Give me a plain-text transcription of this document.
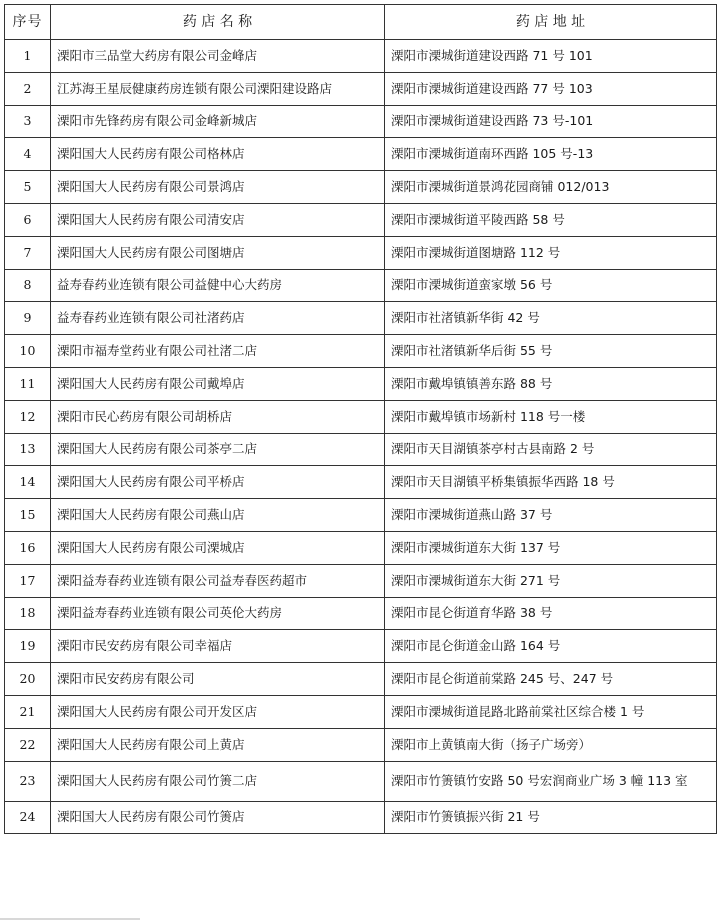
序号	药 店 名 称	药 店 地 址
1	溧阳市三品堂大药房有限公司金峰店	溧阳市溧城街道建设西路 71 号 101
2	江苏海王星辰健康药房连锁有限公司溧阳建设路店	溧阳市溧城街道建设西路 77 号 103
3	溧阳市先锋药房有限公司金峰新城店	溧阳市溧城街道建设西路 73 号-101
4	溧阳国大人民药房有限公司格林店	溧阳市溧城街道南环西路 105 号-13
5	溧阳国大人民药房有限公司景鸿店	溧阳市溧城街道景鸿花园商铺 012/013
6	溧阳国大人民药房有限公司清安店	溧阳市溧城街道平陵西路 58 号
7	溧阳国大人民药房有限公司图塘店	溧阳市溧城街道图塘路 112 号
8	益寿春药业连锁有限公司益健中心大药房	溧阳市溧城街道蛮家墩 56 号
9	益寿春药业连锁有限公司社渚药店	溧阳市社渚镇新华街 42 号
10	溧阳市福寿堂药业有限公司社渚二店	溧阳市社渚镇新华后街 55 号
11	溧阳国大人民药房有限公司戴埠店	溧阳市戴埠镇镇善东路 88 号
12	溧阳市民心药房有限公司胡桥店	溧阳市戴埠镇市场新村 118 号一楼
13	溧阳国大人民药房有限公司茶亭二店	溧阳市天目湖镇茶亭村古县南路 2 号
14	溧阳国大人民药房有限公司平桥店	溧阳市天目湖镇平桥集镇振华西路 18 号
15	溧阳国大人民药房有限公司燕山店	溧阳市溧城街道燕山路 37 号
16	溧阳国大人民药房有限公司溧城店	溧阳市溧城街道东大街 137 号
17	溧阳益寿春药业连锁有限公司益寿春医药超市	溧阳市溧城街道东大街 271 号
18	溧阳益寿春药业连锁有限公司英伦大药房	溧阳市昆仑街道育华路 38 号
19	溧阳市民安药房有限公司幸福店	溧阳市昆仑街道金山路 164 号
20	溧阳市民安药房有限公司	溧阳市昆仑街道前棠路 245 号、247 号
21	溧阳国大人民药房有限公司开发区店	溧阳市溧城街道昆路北路前棠社区综合楼 1 号
22	溧阳国大人民药房有限公司上黄店	溧阳市上黄镇南大街（扬子广场旁）
23	溧阳国大人民药房有限公司竹箦二店	溧阳市竹箦镇竹安路 50 号宏润商业广场 3 幢 113 室
24	溧阳国大人民药房有限公司竹箦店	溧阳市竹箦镇振兴街 21 号
